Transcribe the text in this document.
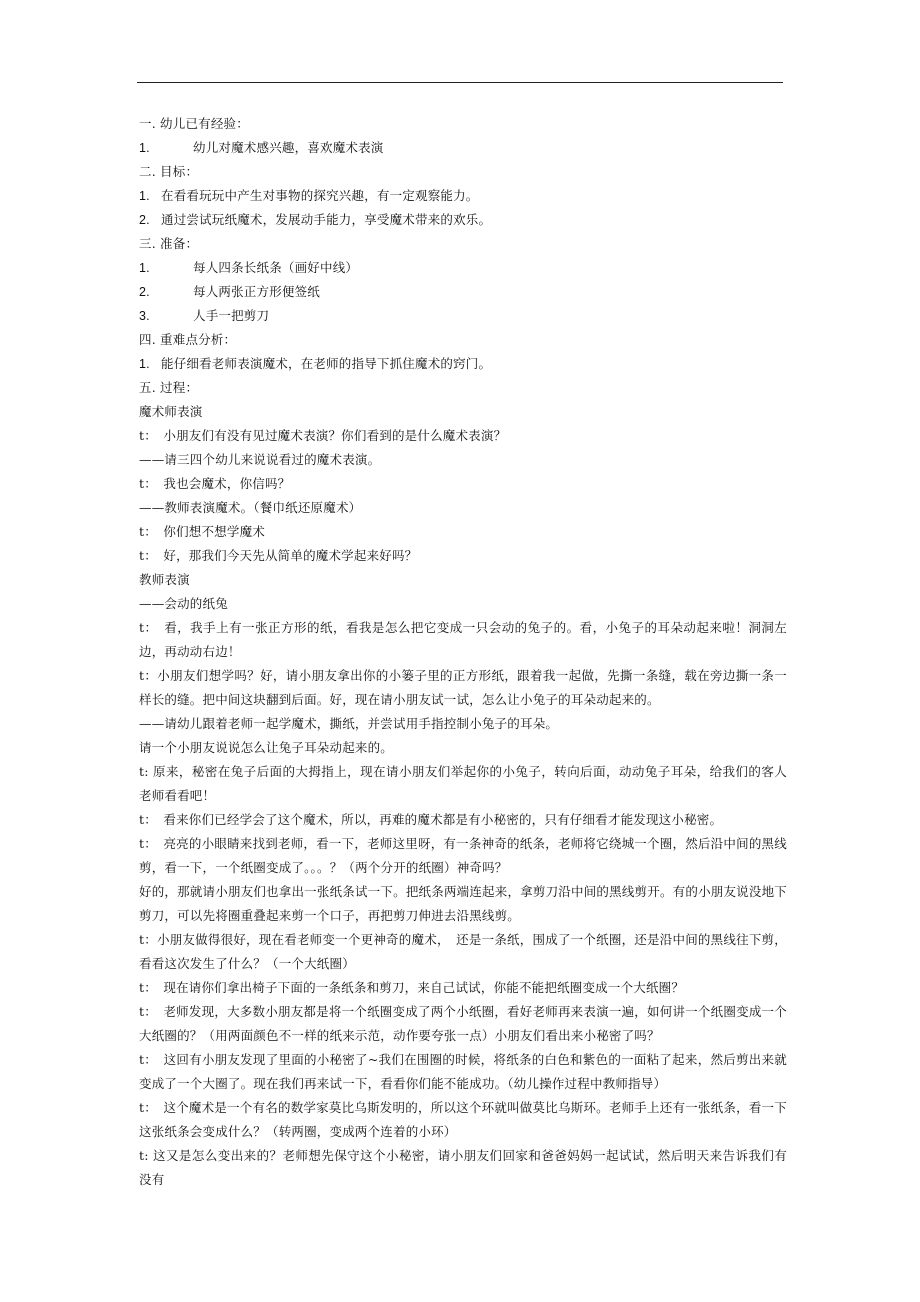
一. 幼儿已有经验：

1.	幼儿对魔术感兴趣，喜欢魔术表演

二. 目标：

1. 在看看玩玩中产生对事物的探究兴趣，有一定观察能力。
2. 通过尝试玩纸魔术，发展动手能力，享受魔术带来的欢乐。

三. 准备：

1.	每人四条长纸条（画好中线）
2.	每人两张正方形便签纸
3.	人手一把剪刀

四. 重难点分析：

1. 能仔细看老师表演魔术，在老师的指导下抓住魔术的窍门。

五. 过程：

魔术师表演

t：　小朋友们有没有见过魔术表演？你们看到的是什么魔术表演？

——请三四个幼儿来说说看过的魔术表演。

t：　我也会魔术，你信吗？

——教师表演魔术。（餐巾纸还原魔术）

t：　你们想不想学魔术

t：　好，那我们今天先从简单的魔术学起来好吗？

教师表演

——会动的纸兔

t：　看，我手上有一张正方形的纸，看我是怎么把它变成一只会动的兔子的。看，小兔子的耳朵动起来啦！洞洞左边，再动动右边！

t：小朋友们想学吗？好，请小朋友拿出你的小篓子里的正方形纸，跟着我一起做，先撕一条缝，载在旁边撕一条一样长的缝。把中间这块翻到后面。好，现在请小朋友试一试，怎么让小兔子的耳朵动起来的。

——请幼儿跟着老师一起学魔术，撕纸，并尝试用手指控制小兔子的耳朵。

请一个小朋友说说怎么让兔子耳朵动起来的。

t: 原来，秘密在兔子后面的大拇指上，现在请小朋友们举起你的小兔子，转向后面，动动兔子耳朵，给我们的客人老师看看吧！

t：　看来你们已经学会了这个魔术，所以，再难的魔术都是有小秘密的，只有仔细看才能发现这小秘密。

t：　亮亮的小眼睛来找到老师，看一下，老师这里呀，有一条神奇的纸条，老师将它绕城一个圈，然后沿中间的黑线剪，看一下，一个纸圈变成了。。。？（两个分开的纸圈）神奇吗？

好的，那就请小朋友们也拿出一张纸条试一下。把纸条两端连起来，拿剪刀沿中间的黑线剪开。有的小朋友说没地下剪刀，可以先将圈重叠起来剪一个口子，再把剪刀伸进去沿黑线剪。

t：小朋友做得很好，现在看老师变一个更神奇的魔术，　还是一条纸，围成了一个纸圈，还是沿中间的黑线往下剪，看看这次发生了什么？（一个大纸圈）

t：　现在请你们拿出椅子下面的一条纸条和剪刀，来自己试试，你能不能把纸圈变成一个大纸圈？

t：　老师发现，大多数小朋友都是将一个纸圈变成了两个小纸圈，看好老师再来表演一遍，如何讲一个纸圈变成一个大纸圈的？（用两面颜色不一样的纸来示范，动作要夸张一点）小朋友们看出来小秘密了吗？

t：　这回有小朋友发现了里面的小秘密了~我们在围圈的时候，将纸条的白色和紫色的一面粘了起来，然后剪出来就变成了一个大圈了。现在我们再来试一下，看看你们能不能成功。（幼儿操作过程中教师指导）

t：　这个魔术是一个有名的数学家莫比乌斯发明的，所以这个环就叫做莫比乌斯环。老师手上还有一张纸条，看一下这张纸条会变成什么？（转两圈，变成两个连着的小环）

t: 这又是怎么变出来的？老师想先保守这个小秘密，请小朋友们回家和爸爸妈妈一起试试，然后明天来告诉我们有没有
